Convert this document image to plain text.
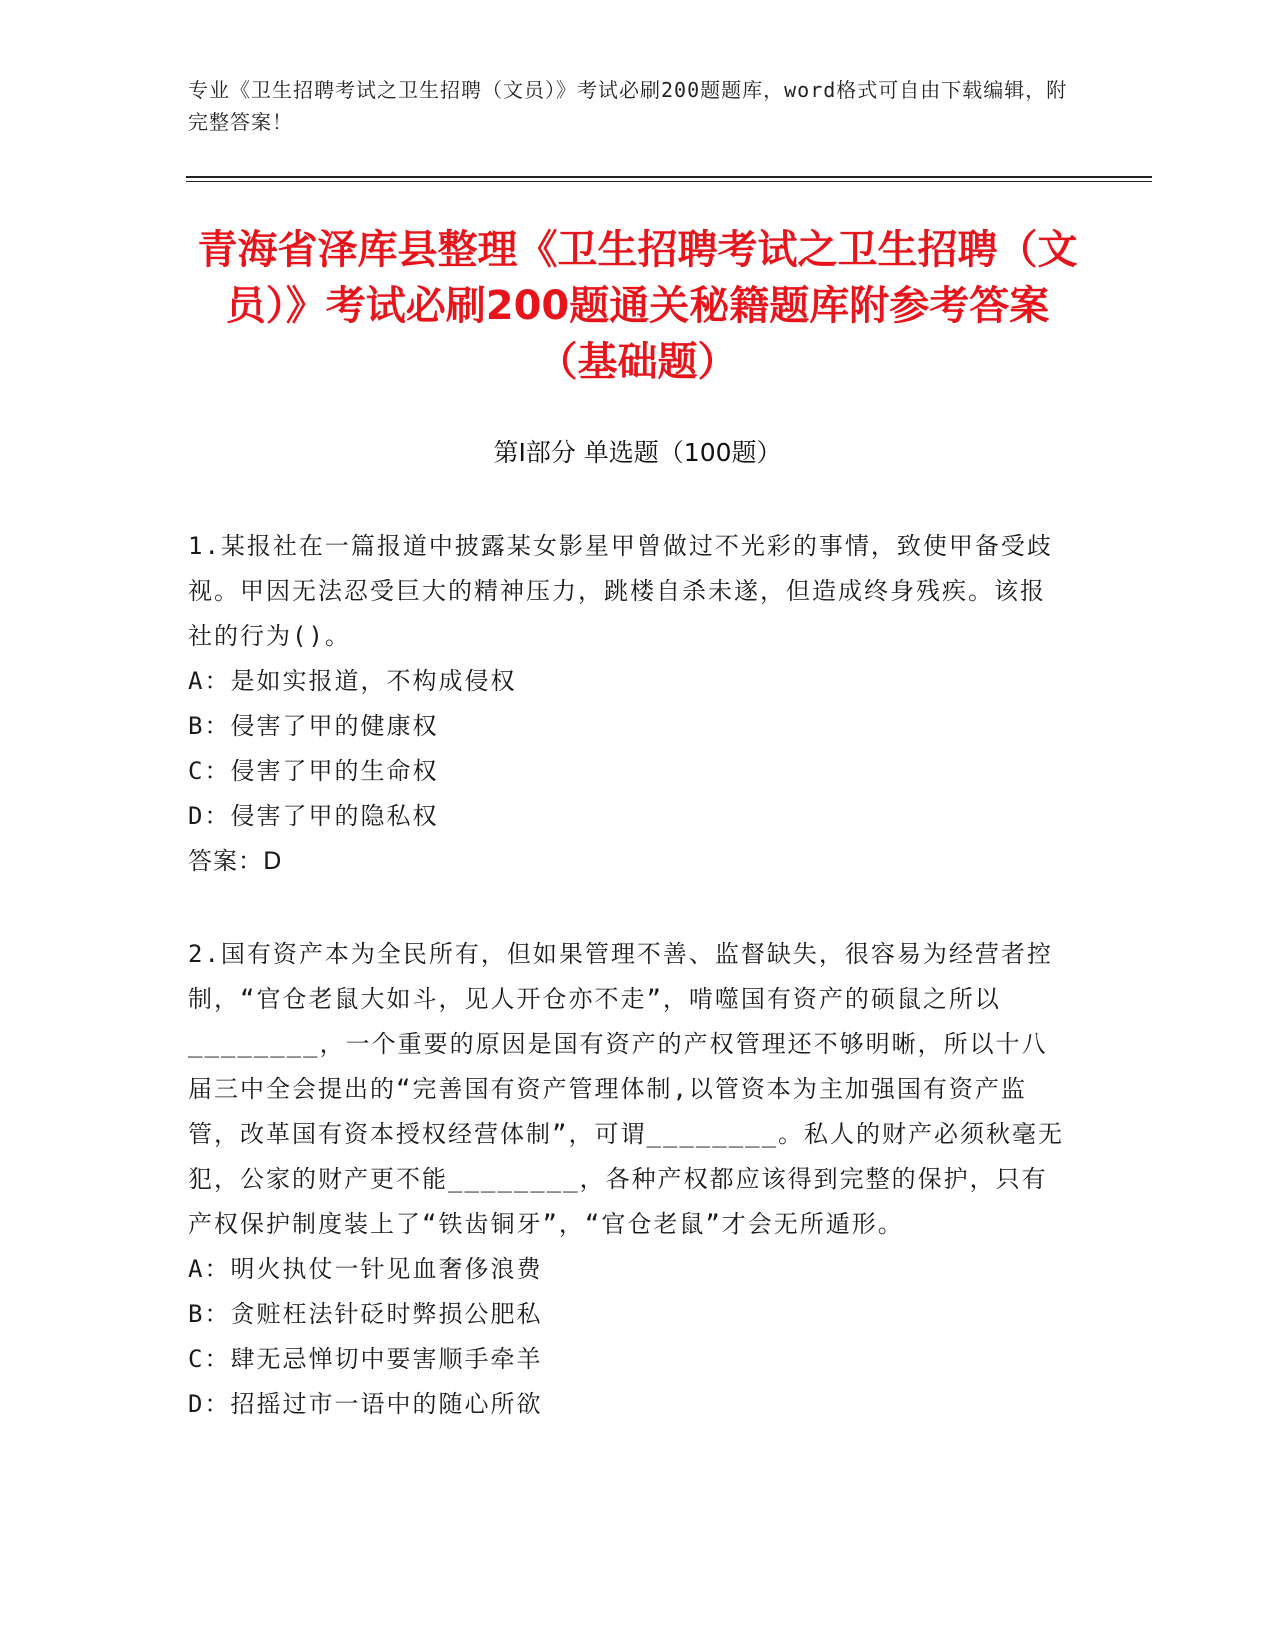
专业《卫生招聘考试之卫生招聘（文员）》考试必刷200题题库，word格式可自由下载编辑，附完整答案！
青海省泽库县整理《卫生招聘考试之卫生招聘（文员）》考试必刷200题通关秘籍题库附参考答案（基础题）
第I部分 单选题（100题）

1.某报社在一篇报道中披露某女影星甲曾做过不光彩的事情，致使甲备受歧视。甲因无法忍受巨大的精神压力，跳楼自杀未遂，但造成终身残疾。该报社的行为()。

A：是如实报道，不构成侵权

B：侵害了甲的健康权

C：侵害了甲的生命权

D：侵害了甲的隐私权

答案：D

2.国有资产本为全民所有，但如果管理不善、监督缺失，很容易为经营者控制，“官仓老鼠大如斗，见人开仓亦不走”，啃噬国有资产的硕鼠之所以________，一个重要的原因是国有资产的产权管理还不够明晰，所以十八届三中全会提出的“完善国有资产管理体制,以管资本为主加强国有资产监管，改革国有资本授权经营体制”，可谓________。私人的财产必须秋毫无犯，公家的财产更不能________，各种产权都应该得到完整的保护，只有产权保护制度装上了“铁齿铜牙”，“官仓老鼠”才会无所遁形。

A：明火执仗一针见血奢侈浪费

B：贪赃枉法针砭时弊损公肥私

C：肆无忌惮切中要害顺手牵羊

D：招摇过市一语中的随心所欲
